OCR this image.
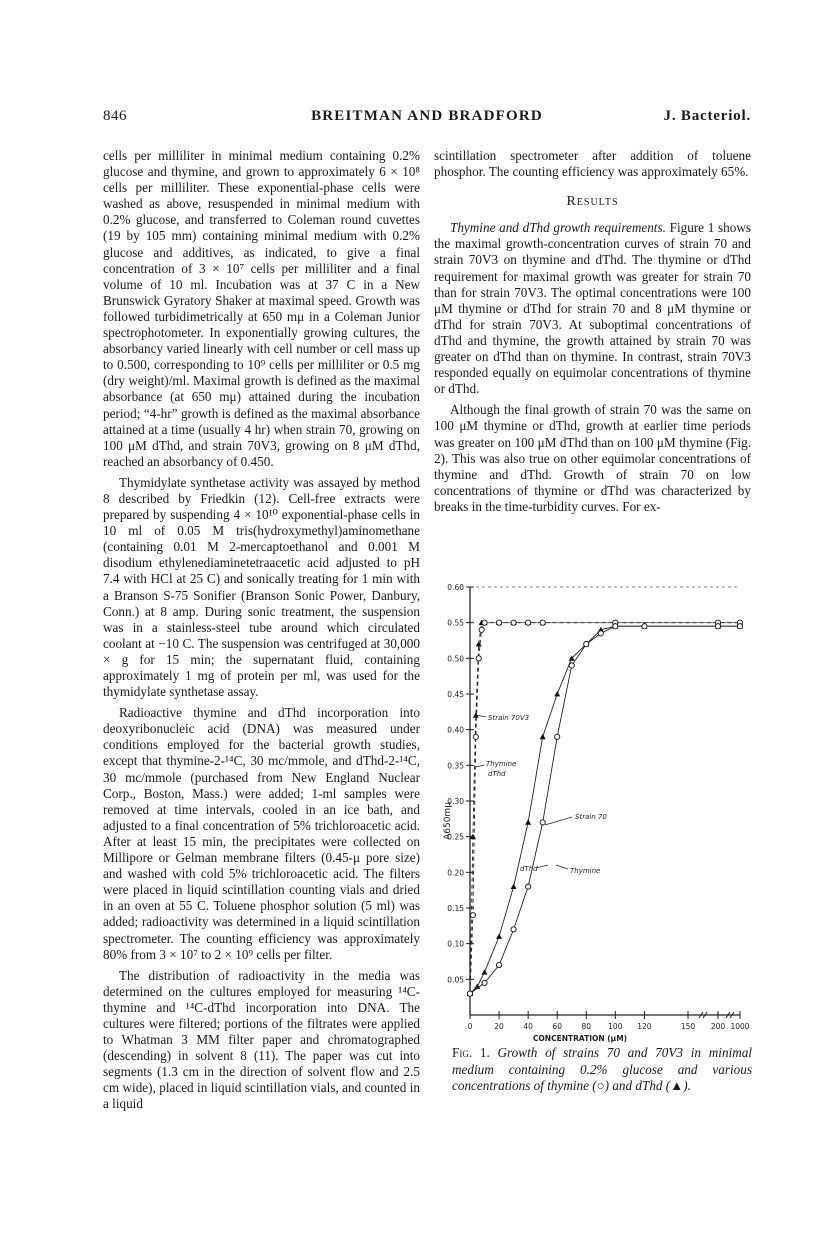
846	BREITMAN AND BRADFORD	J. Bacteriol.

cells per milliliter in minimal medium containing 0.2% glucose and thymine, and grown to approximately 6 × 10⁸ cells per milliliter. These exponential-phase cells were washed as above, resuspended in minimal medium with 0.2% glucose, and transferred to Coleman round cuvettes (19 by 105 mm) containing minimal medium with 0.2% glucose and additives, as indicated, to give a final concentration of 3 × 10⁷ cells per milliliter and a final volume of 10 ml. Incubation was at 37 C in a New Brunswick Gyratory Shaker at maximal speed. Growth was followed turbidimetrically at 650 mμ in a Coleman Junior spectrophotometer. In exponentially growing cultures, the absorbancy varied linearly with cell number or cell mass up to 0.500, corresponding to 10⁹ cells per milliliter or 0.5 mg (dry weight)/ml. Maximal growth is defined as the maximal absorbance (at 650 mμ) attained during the incubation period; “4-hr” growth is defined as the maximal absorbance attained at a time (usually 4 hr) when strain 70, growing on 100 μM dThd, and strain 70V3, growing on 8 μM dThd, reached an absorbancy of 0.450.

Thymidylate synthetase activity was assayed by method 8 described by Friedkin (12). Cell-free extracts were prepared by suspending 4 × 10¹⁰ exponential-phase cells in 10 ml of 0.05 M tris(hydroxymethyl)aminomethane (containing 0.01 M 2-mercaptoethanol and 0.001 M disodium ethylenediaminetetraacetic acid adjusted to pH 7.4 with HCl at 25 C) and sonically treating for 1 min with a Branson S-75 Sonifier (Branson Sonic Power, Danbury, Conn.) at 8 amp. During sonic treatment, the suspension was in a stainless-steel tube around which circulated coolant at −10 C. The suspension was centrifuged at 30,000 × g for 15 min; the supernatant fluid, containing approximately 1 mg of protein per ml, was used for the thymidylate synthetase assay.

Radioactive thymine and dThd incorporation into deoxyribonucleic acid (DNA) was measured under conditions employed for the bacterial growth studies, except that thymine-2-¹⁴C, 30 mc/mmole, and dThd-2-¹⁴C, 30 mc/mmole (purchased from New England Nuclear Corp., Boston, Mass.) were added; 1-ml samples were removed at time intervals, cooled in an ice bath, and adjusted to a final concentration of 5% trichloroacetic acid. After at least 15 min, the precipitates were collected on Millipore or Gelman membrane filters (0.45-μ pore size) and washed with cold 5% trichloroacetic acid. The filters were placed in liquid scintillation counting vials and dried in an oven at 55 C. Toluene phosphor solution (5 ml) was added; radioactivity was determined in a liquid scintillation spectrometer. The counting efficiency was approximately 80% from 3 × 10⁷ to 2 × 10⁹ cells per filter.

The distribution of radioactivity in the media was determined on the cultures employed for measuring ¹⁴C-thymine and ¹⁴C-dThd incorporation into DNA. The cultures were filtered; portions of the filtrates were applied to Whatman 3 MM filter paper and chromatographed (descending) in solvent 8 (11). The paper was cut into segments (1.3 cm in the direction of solvent flow and 2.5 cm wide), placed in liquid scintillation vials, and counted in a liquid

scintillation spectrometer after addition of toluene phosphor. The counting efficiency was approximately 65%.

Results

Thymine and dThd growth requirements. Figure 1 shows the maximal growth-concentration curves of strain 70 and strain 70V3 on thymine and dThd. The thymine or dThd requirement for maximal growth was greater for strain 70 than for strain 70V3. The optimal concentrations were 100 μM thymine or dThd for strain 70 and 8 μM thymine or dThd for strain 70V3. At suboptimal concentrations of dThd and thymine, the growth attained by strain 70 was greater on dThd than on thymine. In contrast, strain 70V3 responded equally on equimolar concentrations of thymine or dThd.

Although the final growth of strain 70 was the same on 100 μM thymine or dThd, growth at earlier time periods was greater on 100 μM dThd than on 100 μM thymine (Fig. 2). This was also true on other equimolar concentrations of thymine and dThd. Growth of strain 70 on low concentrations of thymine or dThd was characterized by breaks in the time-turbidity curves. For ex-

0.05
0.10
0.15
0.20
0.25
0.30
0.35
0.40
0.45
0.50
0.55
0.60
0	20	40	60	80 100 120	150 200 1000
CONCENTRATION (μM)
A650mμ
Strain 70V3
Strain 70
Thymine
dThd
dThd	Thymine
Fig. 1. Growth of strains 70 and 70V3 in minimal medium containing 0.2% glucose and various concentrations of thymine (○) and dThd (▲).
